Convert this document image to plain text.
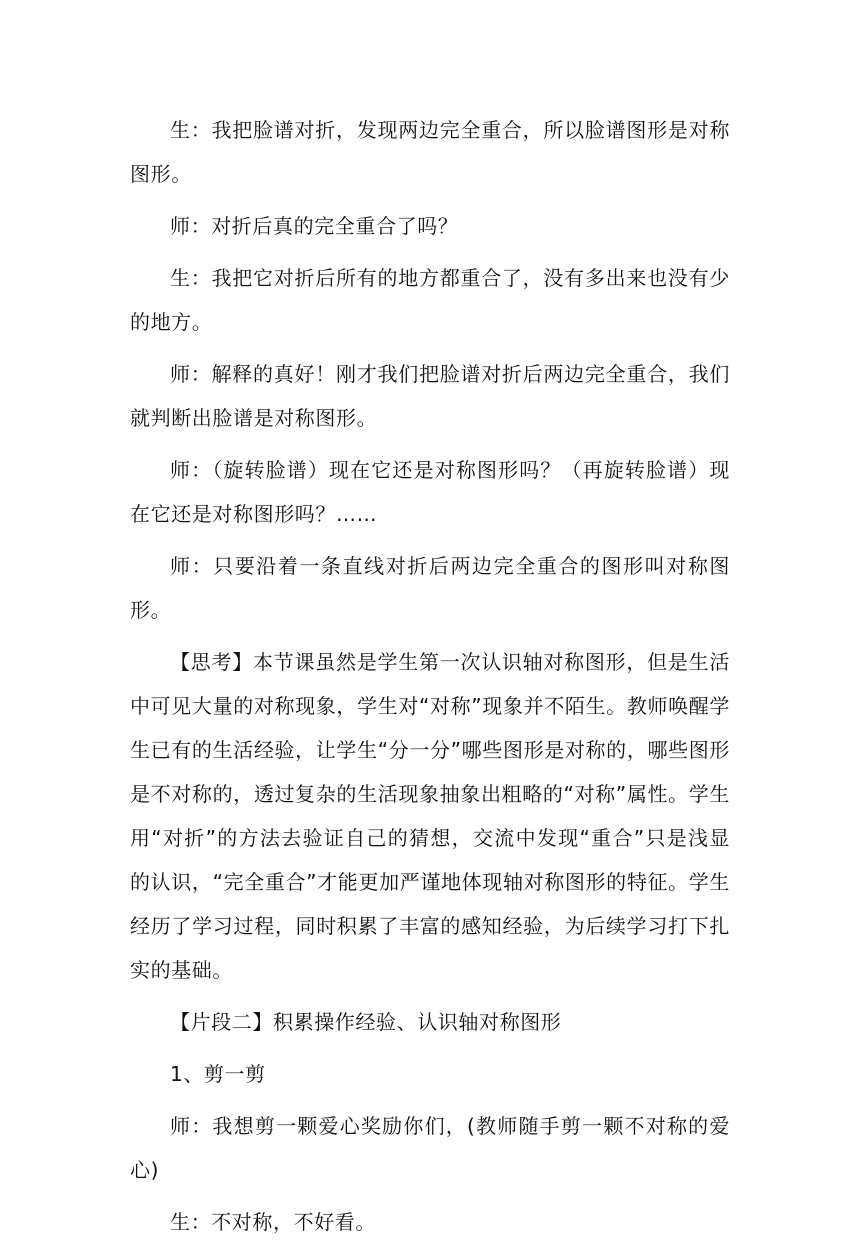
生：我把脸谱对折，发现两边完全重合，所以脸谱图形是对称图形。

师：对折后真的完全重合了吗？

生：我把它对折后所有的地方都重合了，没有多出来也没有少的地方。

师：解释的真好！刚才我们把脸谱对折后两边完全重合，我们就判断出脸谱是对称图形。

师：（旋转脸谱）现在它还是对称图形吗？（再旋转脸谱）现在它还是对称图形吗？……

师：只要沿着一条直线对折后两边完全重合的图形叫对称图形。

【思考】本节课虽然是学生第一次认识轴对称图形，但是生活中可见大量的对称现象，学生对“对称”现象并不陌生。教师唤醒学生已有的生活经验，让学生“分一分”哪些图形是对称的，哪些图形是不对称的，透过复杂的生活现象抽象出粗略的“对称”属性。学生用“对折”的方法去验证自己的猜想，交流中发现“重合”只是浅显的认识，“完全重合”才能更加严谨地体现轴对称图形的特征。学生经历了学习过程，同时积累了丰富的感知经验，为后续学习打下扎实的基础。

【片段二】积累操作经验、认识轴对称图形

1、剪一剪

师：我想剪一颗爱心奖励你们，(教师随手剪一颗不对称的爱心)

生：不对称，不好看。
